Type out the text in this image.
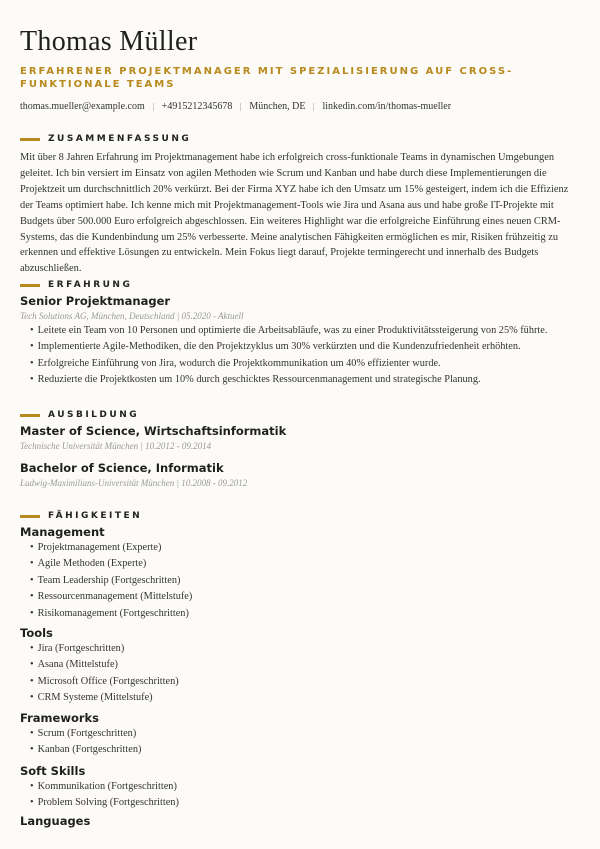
Thomas Müller
ERFAHRENER PROJEKTMANAGER MIT SPEZIALISIERUNG AUF CROSS-FUNKTIONALE TEAMS
thomas.mueller@example.com +4915212345678 München, DE linkedin.com/in/thomas-mueller
ZUSAMMENFASSUNG
Mit über 8 Jahren Erfahrung im Projektmanagement habe ich erfolgreich cross-funktionale Teams in dynamischen Umgebungen geleitet. Ich bin versiert im Einsatz von agilen Methoden wie Scrum und Kanban und habe durch diese Implementierungen die Projektzeit um durchschnittlich 20% verkürzt. Bei der Firma XYZ habe ich den Umsatz um 15% gesteigert, indem ich die Effizienz der Teams optimiert habe. Ich kenne mich mit Projektmanagement-Tools wie Jira und Asana aus und habe große IT-Projekte mit Budgets über 500.000 Euro erfolgreich abgeschlossen. Ein weiteres Highlight war die erfolgreiche Einführung eines neuen CRM-Systems, das die Kundenbindung um 25% verbesserte. Meine analytischen Fähigkeiten ermöglichen es mir, Risiken frühzeitig zu erkennen und effektive Lösungen zu entwickeln. Mein Fokus liegt darauf, Projekte termingerecht und innerhalb des Budgets abzuschließen.
ERFAHRUNG
Senior Projektmanager
Tech Solutions AG, München, Deutschland | 05.2020 - Aktuell
• Leitete ein Team von 10 Personen und optimierte die Arbeitsabläufe, was zu einer Produktivitätssteigerung von 25% führte.
• Implementierte Agile-Methodiken, die den Projektzyklus um 30% verkürzten und die Kundenzufriedenheit erhöhten.
• Erfolgreiche Einführung von Jira, wodurch die Projektkommunikation um 40% effizienter wurde.
• Reduzierte die Projektkosten um 10% durch geschicktes Ressourcenmanagement und strategische Planung.
AUSBILDUNG
Master of Science, Wirtschaftsinformatik
Technische Universität München | 10.2012 - 09.2014
Bachelor of Science, Informatik
Ludwig-Maximilians-Universität München | 10.2008 - 09.2012
FÄHIGKEITEN
Management
• Projektmanagement (Experte)
• Agile Methoden (Experte)
• Team Leadership (Fortgeschritten)
• Ressourcenmanagement (Mittelstufe)
• Risikomanagement (Fortgeschritten)
Tools
• Jira (Fortgeschritten)
• Asana (Mittelstufe)
• Microsoft Office (Fortgeschritten)
• CRM Systeme (Mittelstufe)
Frameworks
• Scrum (Fortgeschritten)
• Kanban (Fortgeschritten)
Soft Skills
• Kommunikation (Fortgeschritten)
• Problem Solving (Fortgeschritten)
Languages
